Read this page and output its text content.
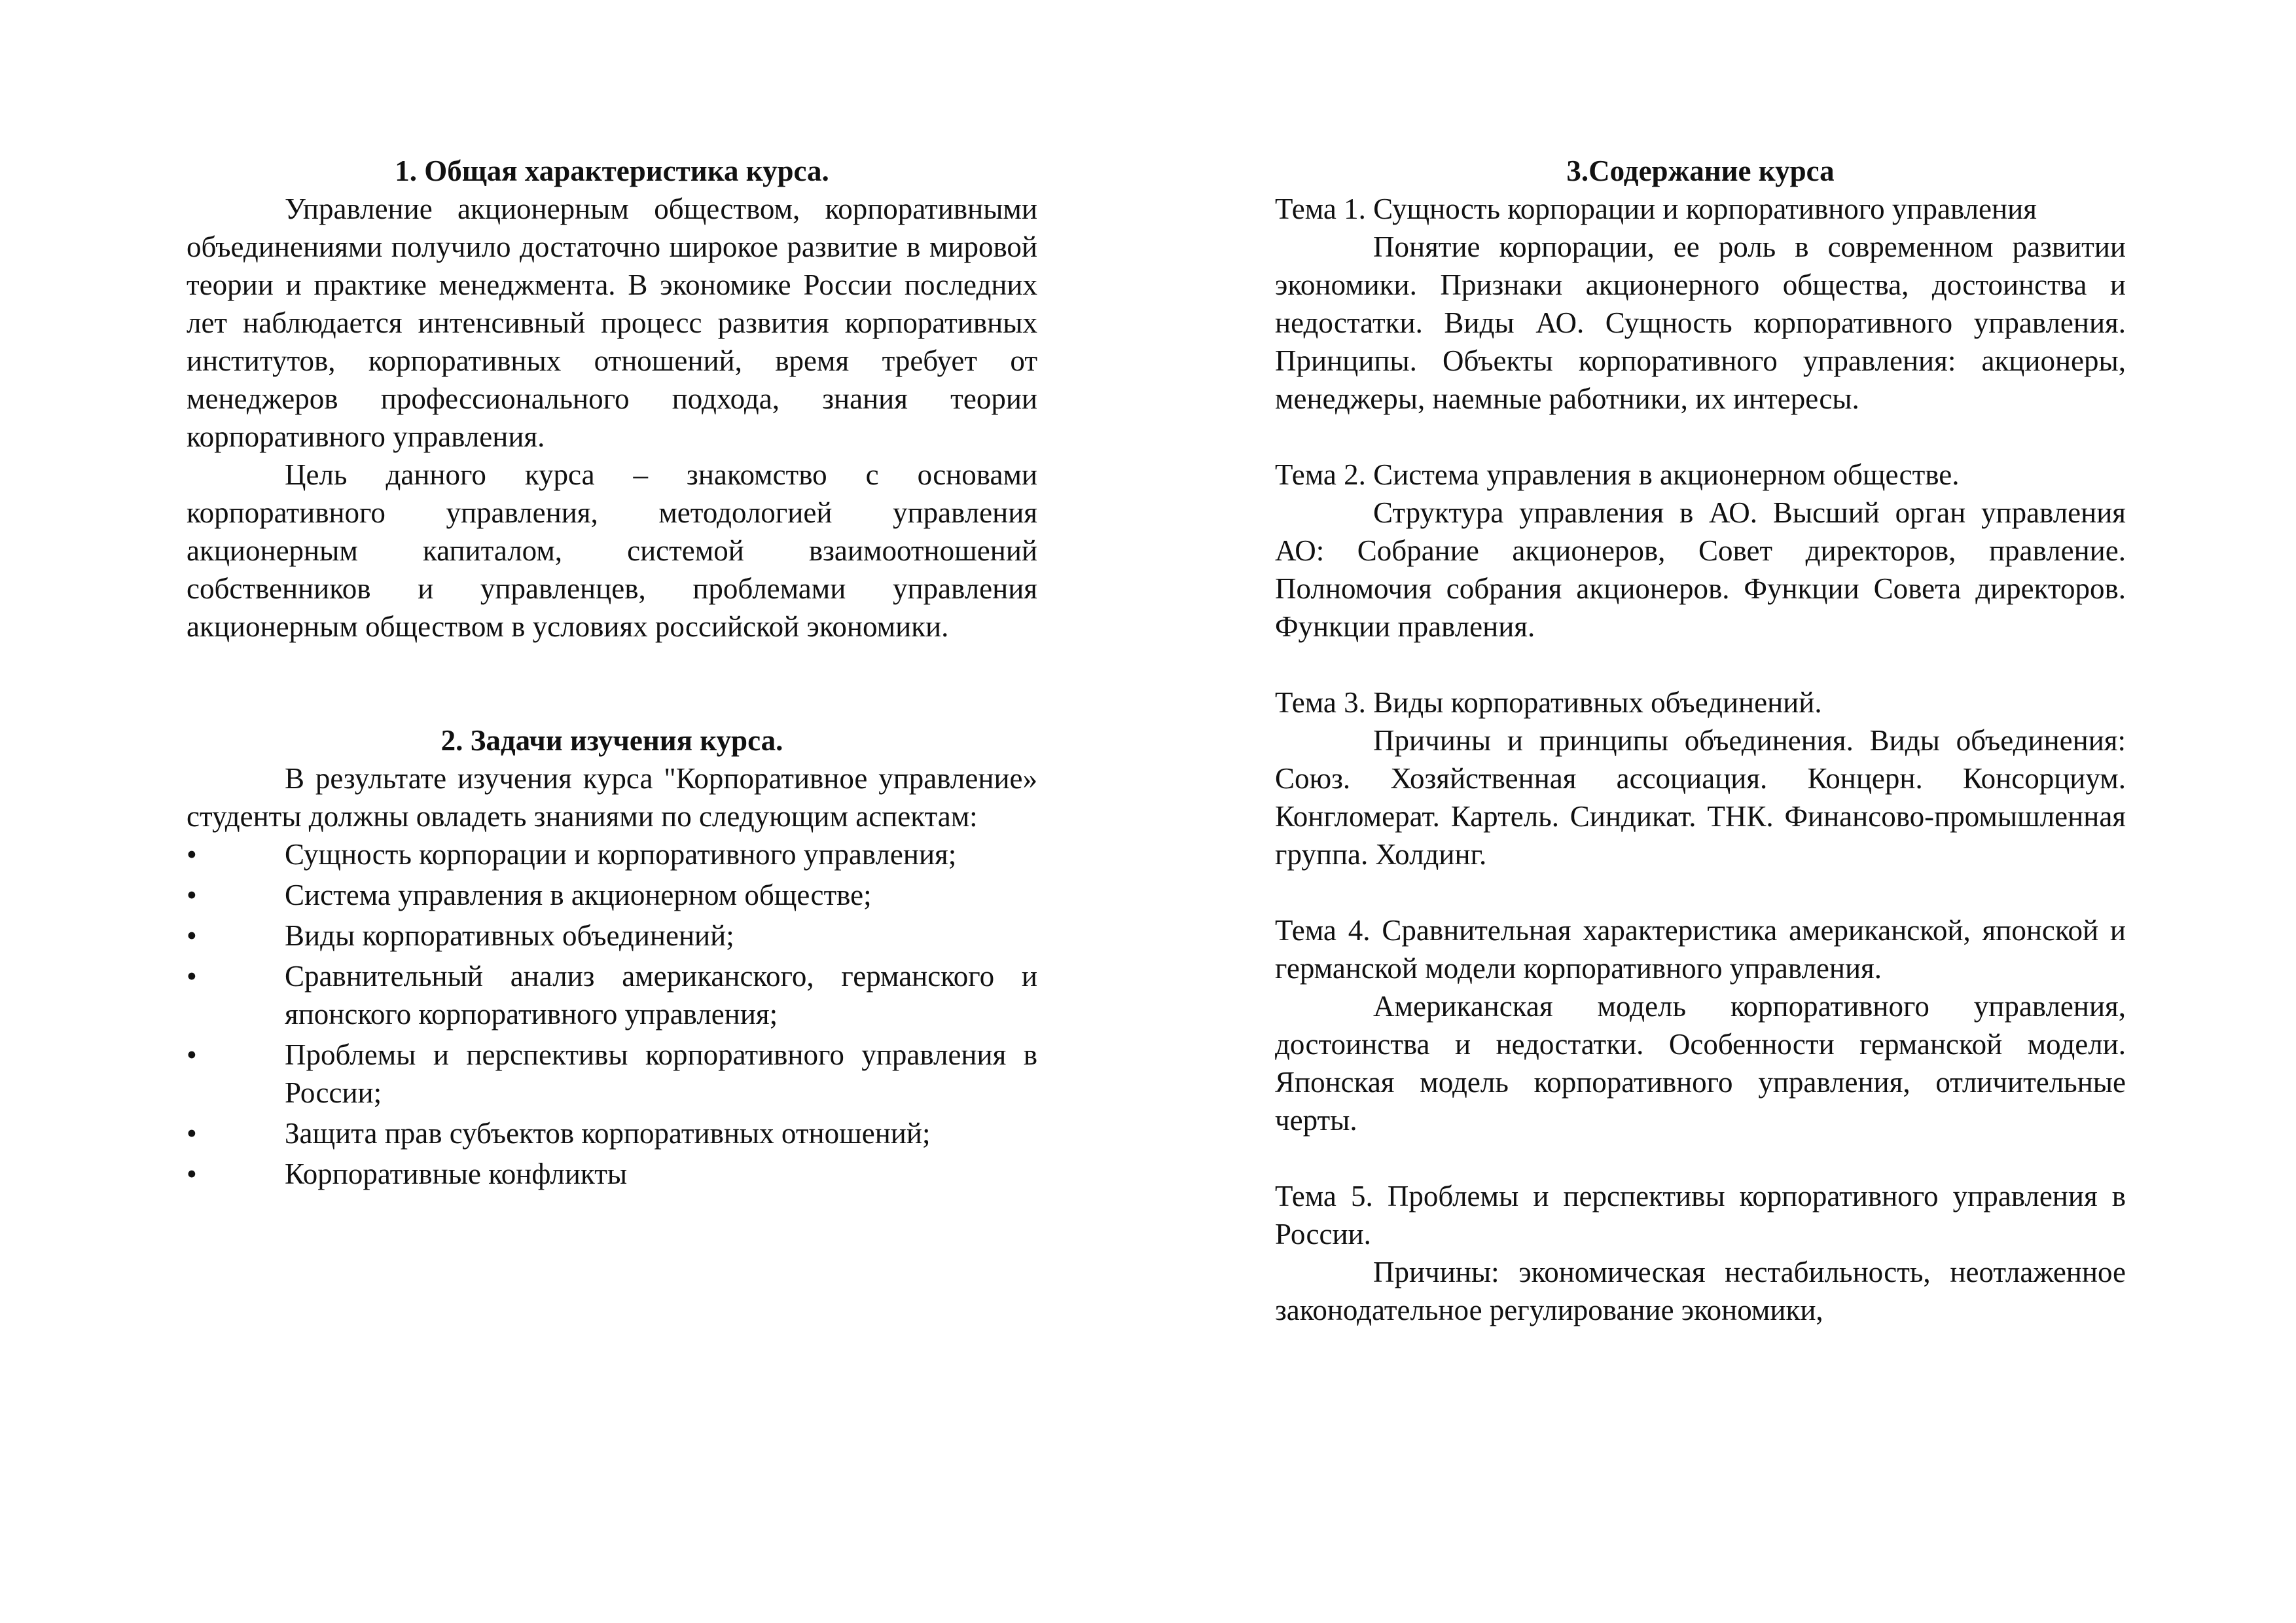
1. Общая характеристика курса.

Управление акционерным обществом, корпоративными объединениями получило достаточно широкое развитие в мировой теории и практике менеджмента. В экономике России последних лет наблюдается интенсивный процесс развития корпоративных институтов, корпоративных отношений, время требует от менеджеров профессионального подхода, знания теории корпоративного управления.

Цель данного курса – знакомство с основами корпоративного управления, методологией управления акционерным капиталом, системой взаимоотношений собственников и управленцев, проблемами управления акционерным обществом в условиях российской экономики.

2. Задачи изучения курса.

В результате изучения курса "Корпоративное управление» студенты должны овладеть знаниями по следующим аспектам:

•	Сущность корпорации и корпоративного управления;
•	Система управления в акционерном обществе;
•	Виды корпоративных объединений;
•	Сравнительный анализ американского, германского и японского корпоративного управления;
•	Проблемы и перспективы корпоративного управления в России;
•	Защита прав субъектов корпоративных отношений;
•	Корпоративные конфликты

3.Содержание курса

Тема 1. Сущность корпорации и корпоративного управления

Понятие корпорации, ее роль в современном развитии экономики. Признаки акционерного общества, достоинства и недостатки. Виды АО. Сущность корпоративного управления. Принципы. Объекты корпоративного управления: акционеры, менеджеры, наемные работники, их интересы.

Тема 2. Система управления в акционерном обществе.

Структура управления в АО. Высший орган управления АО: Собрание акционеров, Совет директоров, правление. Полномочия собрания акционеров. Функции Совета директоров. Функции правления.

Тема 3. Виды корпоративных объединений.

Причины и принципы объединения. Виды объединения: Союз. Хозяйственная ассоциация. Концерн. Консорциум. Конгломерат. Картель. Синдикат. ТНК. Финансово-промышленная группа. Холдинг.

Тема 4. Сравнительная характеристика американской, японской и германской модели корпоративного управления.

Американская модель корпоративного управления, достоинства и недостатки. Особенности германской модели. Японская модель корпоративного управления, отличительные черты.

Тема 5. Проблемы и перспективы корпоративного управления в России.

Причины: экономическая нестабильность, неотлаженное законодательное регулирование экономики,
